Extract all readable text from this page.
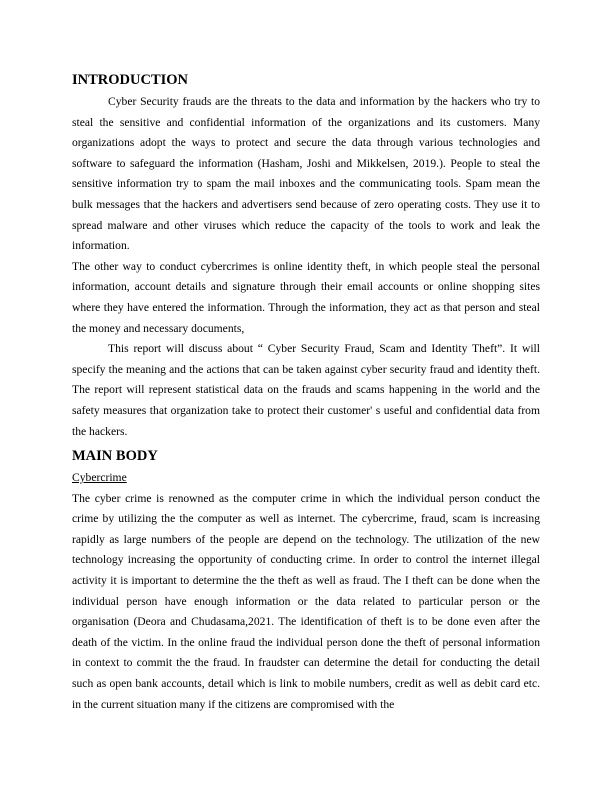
INTRODUCTION

Cyber Security frauds are the threats to the data and information by the hackers who try to steal the sensitive and confidential information of the organizations and its customers. Many organizations adopt the ways to protect and secure the data through various technologies and software to safeguard the information (Hasham, Joshi and Mikkelsen, 2019.). People to steal the sensitive information try to spam the mail inboxes and the communicating tools. Spam mean the bulk messages that the hackers and advertisers send because of zero operating costs. They use it to spread malware and other viruses which reduce the capacity of the tools to work and leak the information.

The other way to conduct cybercrimes is online identity theft, in which people steal the personal information, account details and signature through their email accounts or online shopping sites where they have entered the information. Through the information, they act as that person and steal the money and necessary documents,

This report will discuss about “ Cyber Security Fraud, Scam and Identity Theft”. It will specify the meaning and the actions that can be taken against cyber security fraud and identity theft. The report will represent statistical data on the frauds and scams happening in the world and the safety measures that organization take to protect their customer' s useful and confidential data from the hackers.

MAIN BODY

Cybercrime

The cyber crime is renowned as the computer crime in which the individual person conduct the crime by utilizing the the computer as well as internet. The cybercrime, fraud, scam is increasing rapidly as large numbers of the people are depend on the technology. The utilization of the new technology increasing the opportunity of conducting crime. In order to control the internet illegal activity it is important to determine the the theft as well as fraud. The I theft can be done when the individual person have enough information or the data related to particular person or the organisation (Deora and Chudasama,2021. The identification of theft is to be done even after the death of the victim. In the online fraud the individual person done the theft of personal information in context to commit the the fraud. In fraudster can determine the detail for conducting the detail such as open bank accounts, detail which is link to mobile numbers, credit as well as debit card etc. in the current situation many if the citizens are compromised with the
